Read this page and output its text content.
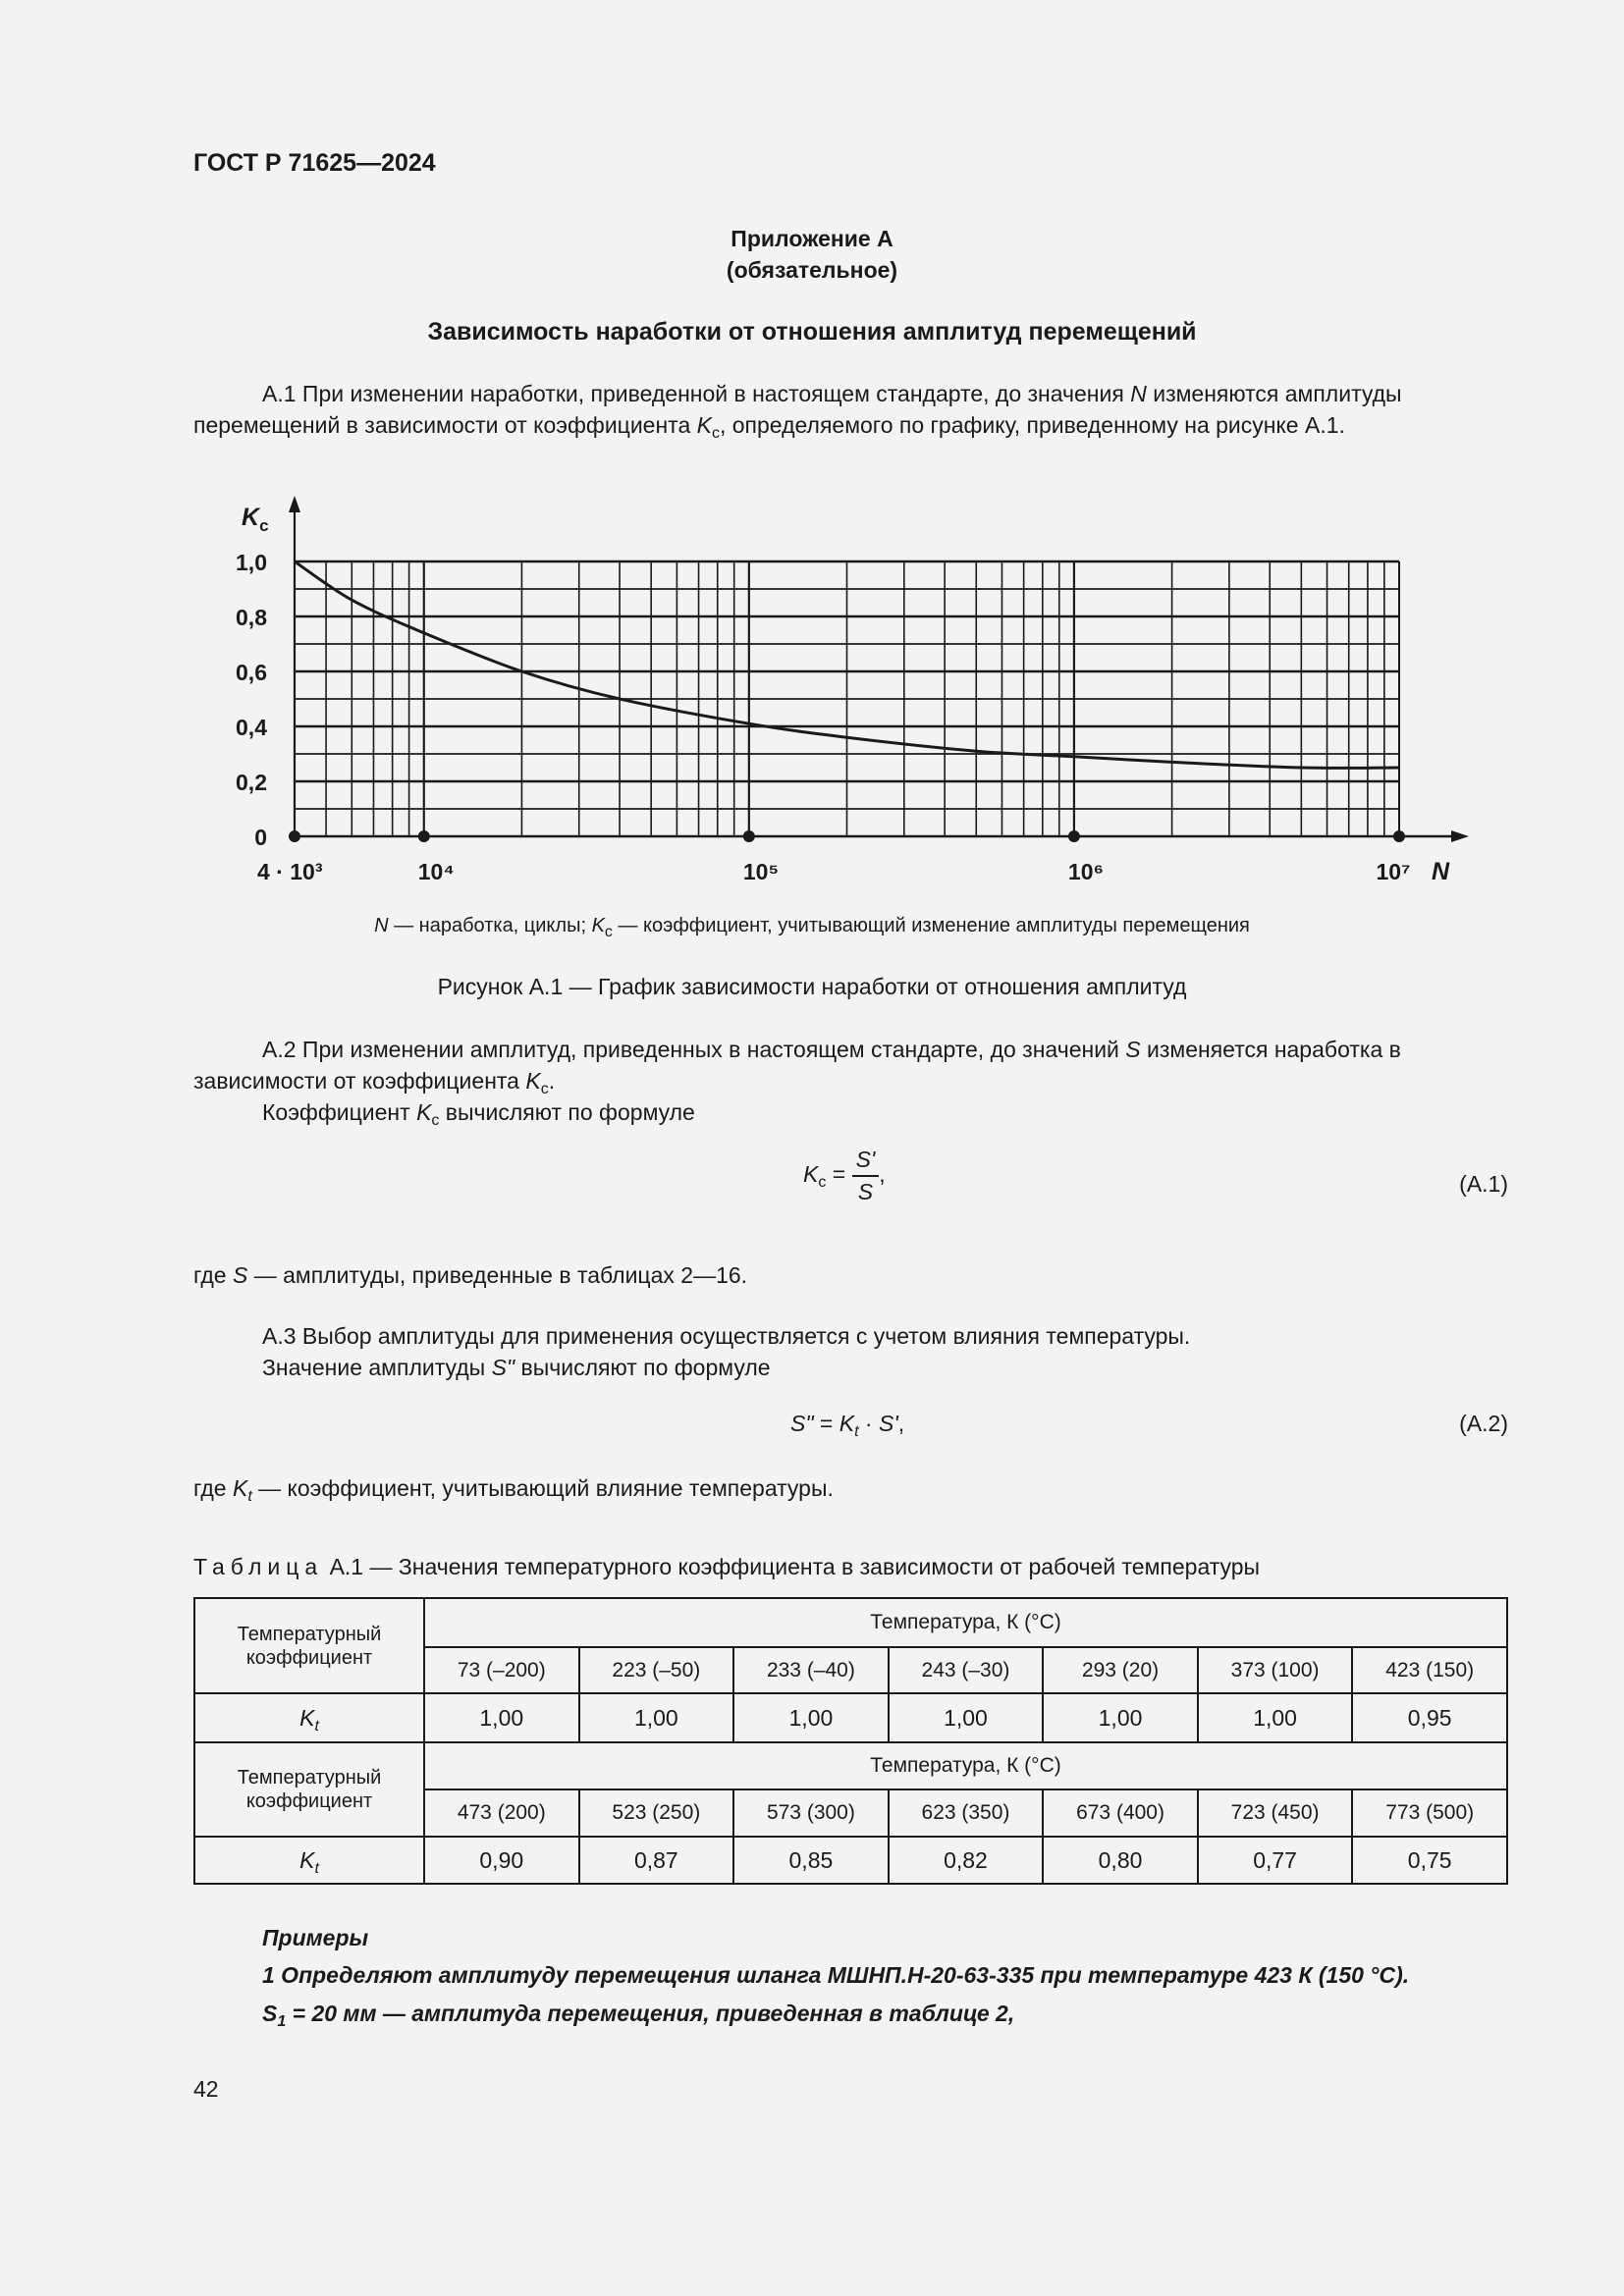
ГОСТ Р 71625—2024
Приложение А
(обязательное)
Зависимость наработки от отношения амплитуд перемещений
А.1 При изменении наработки, приведенной в настоящем стандарте, до значения N изменяются амплитуды перемещений в зависимости от коэффициента $K_с$, определяемого по графику, приведенному на рисунке А.1.
0
0,2
0,4
0,6
0,8
1,0
4 · 10³	10⁴	10⁵	10⁶	10⁷
$K_с$
N
N — наработка, циклы; $K_с$ — коэффициент, учитывающий изменение амплитуды перемещения
Рисунок А.1 — График зависимости наработки от отношения амплитуд
А.2 При изменении амплитуд, приведенных в настоящем стандарте, до значений S изменяется наработка в зависимости от коэффициента $K_с$.
Коэффициент $K_с$ вычисляют по формуле
$K_с = \frac{S'}{S}$ ,	(А.1)
где S — амплитуды, приведенные в таблицах 2—16.
А.3 Выбор амплитуды для применения осуществляется с учетом влияния температуры.
Значение амплитуды S" вычисляют по формуле
S" = $K_t \cdot S'$,	(А.2)
где $K_t$ — коэффициент, учитывающий влияние температуры.
Таблица А.1 — Значения температурного коэффициента в зависимости от рабочей температуры
Температурный коэффициент	Температура, К (°С)						
	73 (–200)	223 (–50)	233 (–40)	243 (–30)	293 (20)	373 (100)	423 (150)
$K_t$	1,00	1,00	1,00	1,00	1,00	1,00	0,95
Температурный коэффициент	Температура, К (°С)						
	473 (200)	523 (250)	573 (300)	623 (350)	673 (400)	723 (450)	773 (500)
$K_t$	0,90	0,87	0,85	0,82	0,80	0,77	0,75
Примеры
1 Определяют амплитуду перемещения шланга МШНП.Н-20-63-335 при температуре 423 К (150 °С).
$S_1 = 20$ мм — амплитуда перемещения, приведенная в таблице 2,
42
